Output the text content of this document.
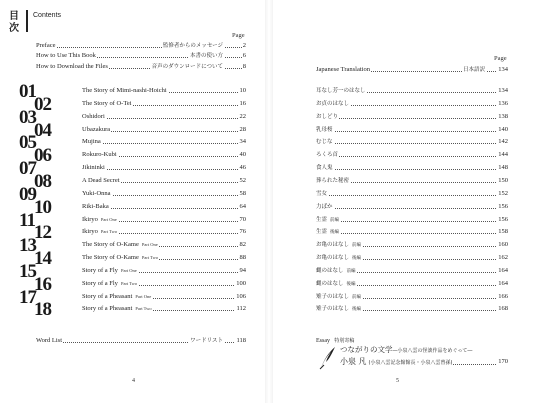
目次
Contents
Page
Preface	監修者からのメッセージ	2
How to Use This Book	本書の使い方	6
How to Download the Files	音声のダウンロードについて	8
01	The Story of Mimi-nashi-Hoichi	10
02	The Story of O-Tei	16
03	Oshidori	22
04	Ubazakura	28
05	Mujina	34
06	Rokuro-Kubi	40
07	Jikininki	46
08	A Dead Secret	52
09	Yuki-Onna	58
10	Riki-Baka	64
11	Ikiryo Part One	70
12	Ikiryo Part Two	76
13	The Story of O-Kame Part One	82
14	The Story of O-Kame Part Two	88
15	Story of a Fly Part One	94
16	Story of a Fly Part Two	100
17	Story of a Pheasant Part One	106
18	Story of a Pheasant Part Two	112
Word List	ワードリスト 118
4
Page
Japanese Translation	日本語訳 134
耳なし芳一のはなし	134
お貞のはなし	136
おしどり	138
乳母桜	140
むじな	142
ろくろ首	144
食人鬼	148
葬られた秘密	150
雪女	152
力ばか	156
生霊 前編	156
生霊 後編	158
お亀のはなし 前編	160
お亀のはなし 後編	162
蝿のはなし 前編	164
蝿のはなし 後編	164
雉子のはなし 前編	166
雉子のはなし 後編	168
Essay 特別寄稿
つながりの文学―小泉八雲の怪談作品をめぐって―
小泉 凡 (小泉八雲記念館館長・小泉八雲曾孫)	170
5
